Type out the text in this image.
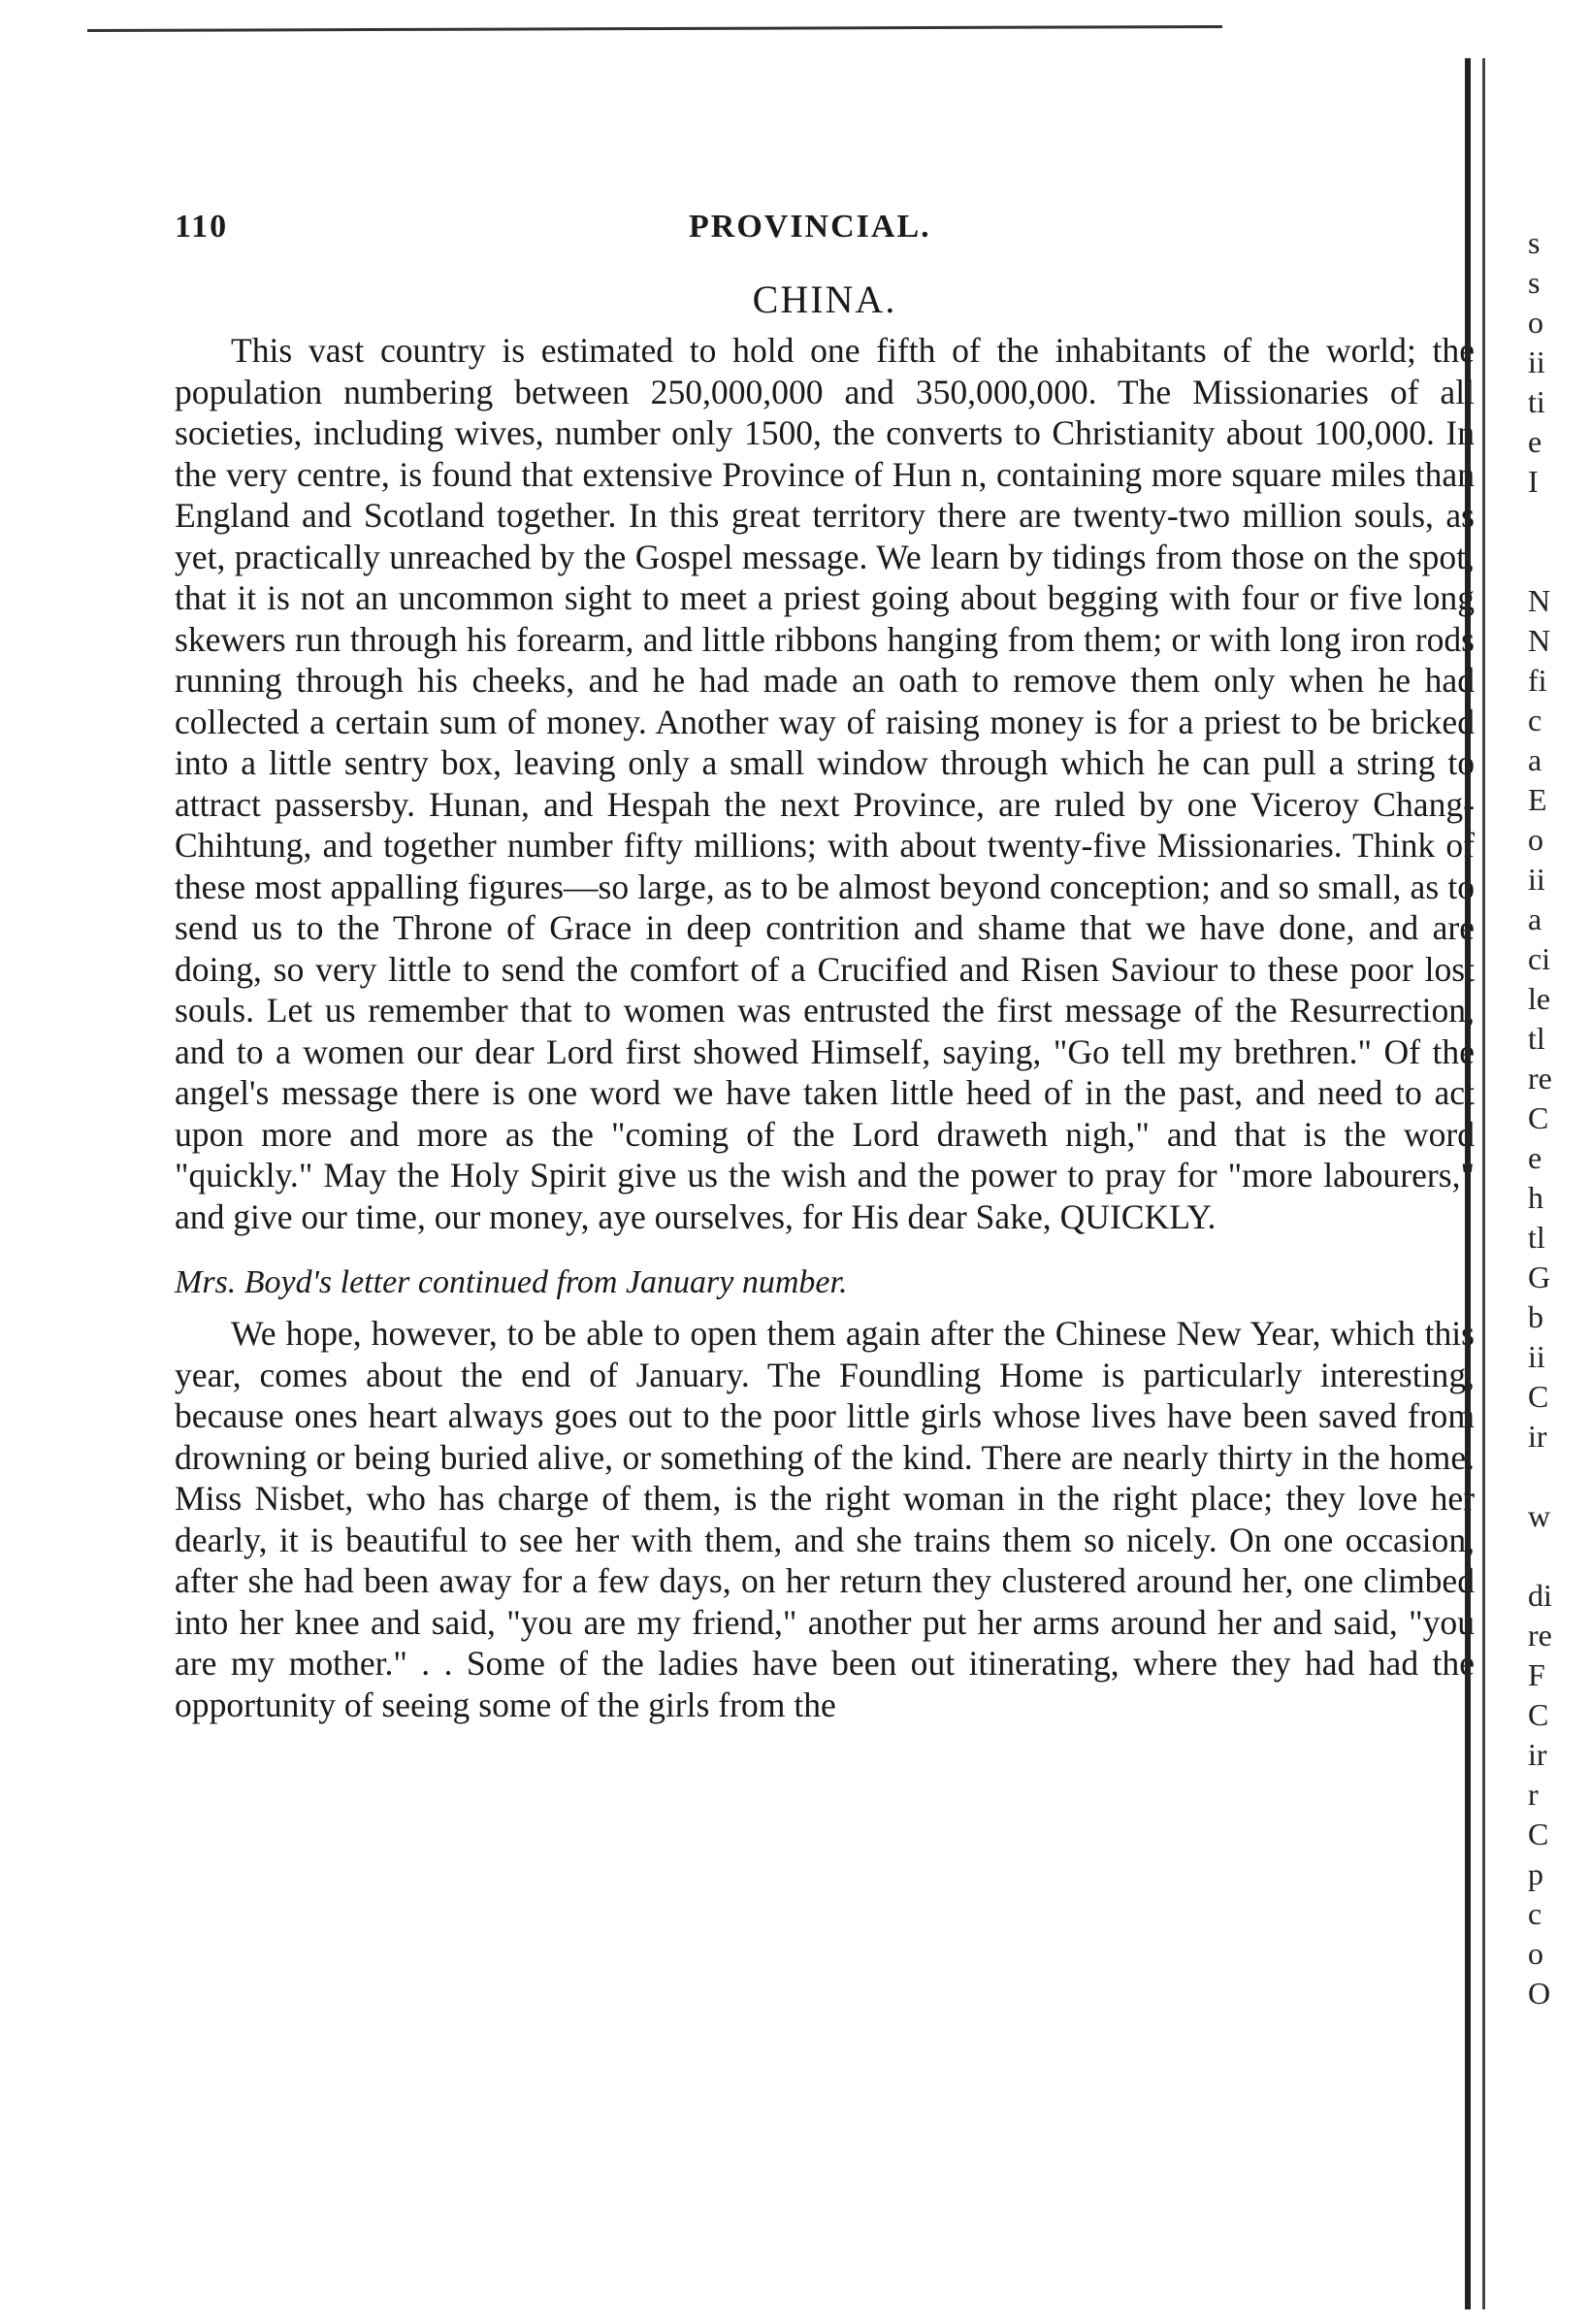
110	PROVINCIAL.
CHINA.

This vast country is estimated to hold one fifth of the inhabitants of the world; the population numbering between 250,000,000 and 350,000,000. The Missionaries of all societies, including wives, number only 1500, the converts to Christianity about 100,000. In the very centre, is found that extensive Province of Hun n, containing more square miles than England and Scotland together. In this great territory there are twenty-two million souls, as yet, practically unreached by the Gospel message. We learn by tidings from those on the spot, that it is not an uncommon sight to meet a priest going about begging with four or five long skewers run through his forearm, and little ribbons hanging from them; or with long iron rods running through his cheeks, and he had made an oath to remove them only when he had collected a certain sum of money. Another way of raising money is for a priest to be bricked into a little sentry box, leaving only a small window through which he can pull a string to attract passersby. Hunan, and Hespah the next Province, are ruled by one Viceroy Chang-Chihtung, and together number fifty millions; with about twenty-five Missionaries. Think of these most appalling figures—so large, as to be almost beyond conception; and so small, as to send us to the Throne of Grace in deep contrition and shame that we have done, and are doing, so very little to send the comfort of a Crucified and Risen Saviour to these poor lost souls. Let us remember that to women was entrusted the first message of the Resurrection, and to a women our dear Lord first showed Himself, saying, "Go tell my brethren." Of the angel's message there is one word we have taken little heed of in the past, and need to act upon more and more as the "coming of the Lord draweth nigh," and that is the word "quickly." May the Holy Spirit give us the wish and the power to pray for "more labourers," and give our time, our money, aye ourselves, for His dear Sake, QUICKLY.

Mrs. Boyd's letter continued from January number.

We hope, however, to be able to open them again after the Chinese New Year, which this year, comes about the end of January. The Foundling Home is particularly interesting, because ones heart always goes out to the poor little girls whose lives have been saved from drowning or being buried alive, or something of the kind. There are nearly thirty in the home. Miss Nisbet, who has charge of them, is the right woman in the right place; they love her dearly, it is beautiful to see her with them, and she trains them so nicely. On one occasion, after she had been away for a few days, on her return they clustered around her, one climbed into her knee and said, "you are my friend," another put her arms around her and said, "you are my mother." . . Some of the ladies have been out itinerating, where they had had the opportunity of seeing some of the girls from the

s
s
o
ii
ti
e
I
N
N
fi
c
a
E
o
ii
a
ci
le
tl
re
C
e
h
tl
G
b
ii
C
ir
w
di
re
F
C
ir
r
C
p
c
o
O
